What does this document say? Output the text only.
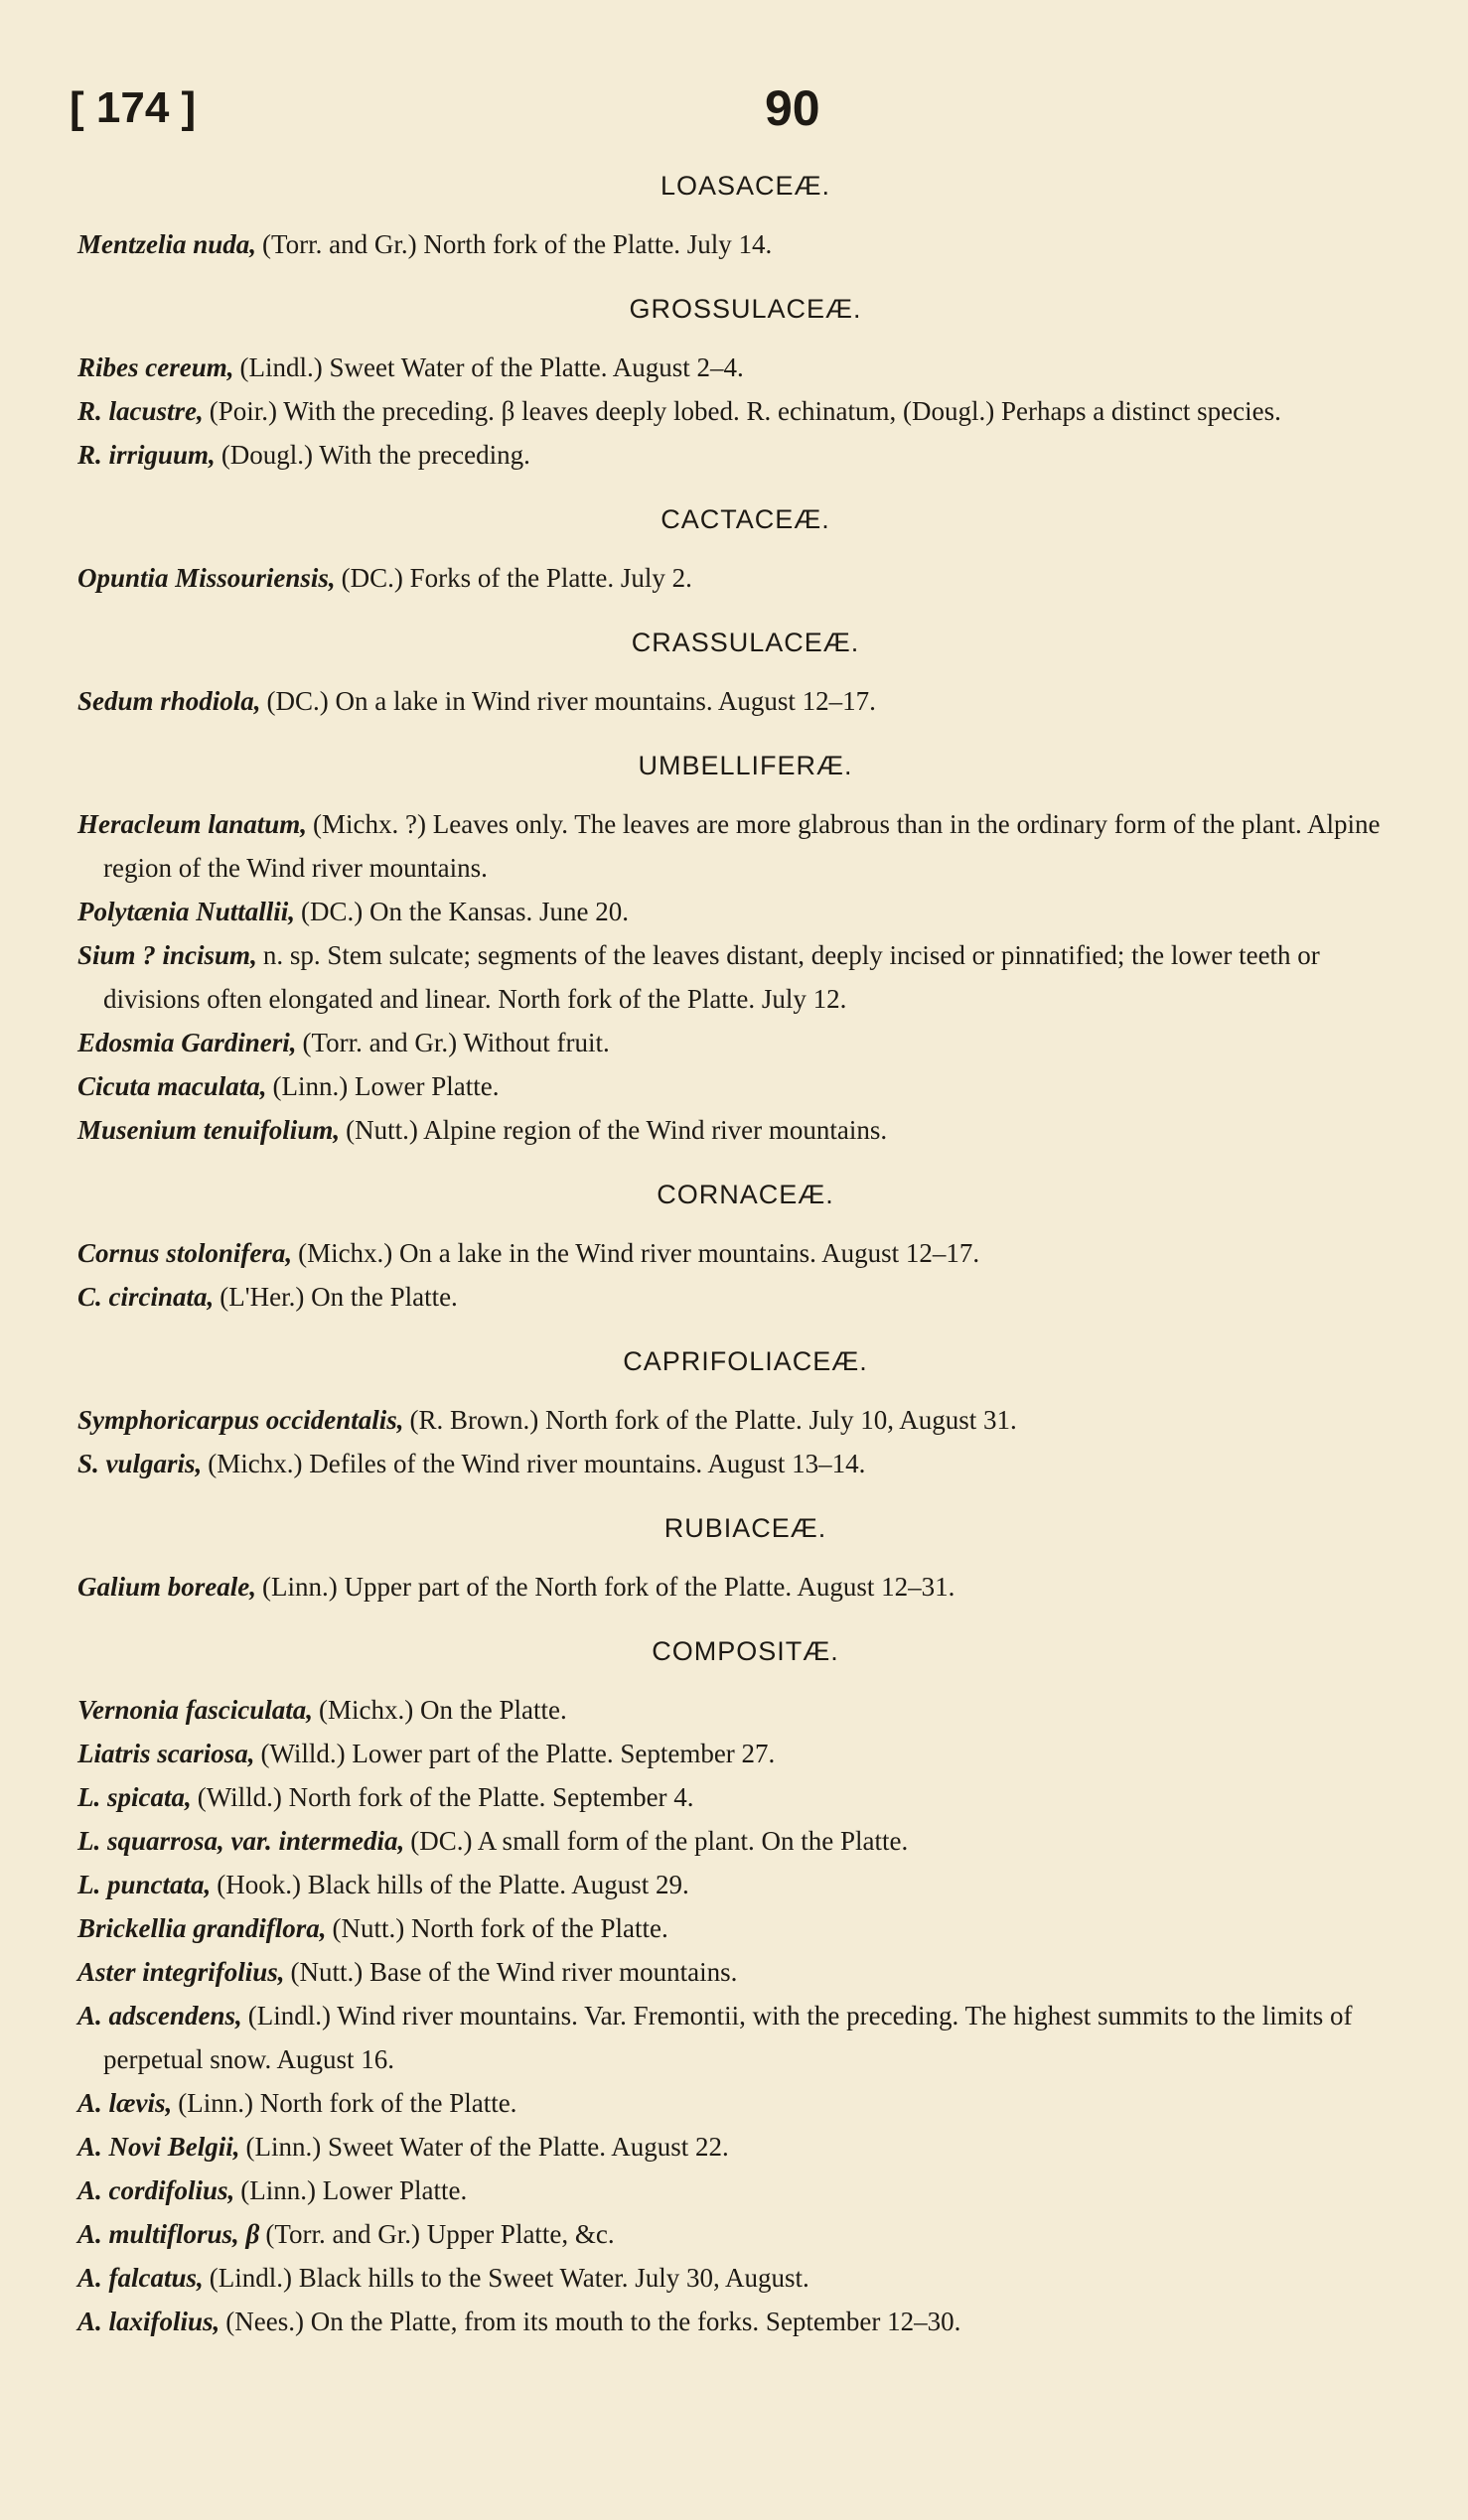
[ 174 ]	90
LOASACEÆ.
Mentzelia nuda, (Torr. and Gr.) North fork of the Platte. July 14.
GROSSULACEÆ.
Ribes cereum, (Lindl.) Sweet Water of the Platte. August 2–4.
R. lacustre, (Poir.) With the preceding. β leaves deeply lobed. R. echinatum, (Dougl.) Perhaps a distinct species.
R. irriguum, (Dougl.) With the preceding.
CACTACEÆ.
Opuntia Missouriensis, (DC.) Forks of the Platte. July 2.
CRASSULACEÆ.
Sedum rhodiola, (DC.) On a lake in Wind river mountains. August 12–17.
UMBELLIFERÆ.
Heracleum lanatum, (Michx. ?) Leaves only. The leaves are more glabrous than in the ordinary form of the plant. Alpine region of the Wind river mountains.
Polytænia Nuttallii, (DC.) On the Kansas. June 20.
Sium ? incisum, n. sp. Stem sulcate; segments of the leaves distant, deeply incised or pinnatified; the lower teeth or divisions often elongated and linear. North fork of the Platte. July 12.
Edosmia Gardineri, (Torr. and Gr.) Without fruit.
Cicuta maculata, (Linn.) Lower Platte.
Musenium tenuifolium, (Nutt.) Alpine region of the Wind river mountains.
CORNACEÆ.
Cornus stolonifera, (Michx.) On a lake in the Wind river mountains. August 12–17.
C. circinata, (L'Her.) On the Platte.
CAPRIFOLIACEÆ.
Symphoricarpus occidentalis, (R. Brown.) North fork of the Platte. July 10, August 31.
S. vulgaris, (Michx.) Defiles of the Wind river mountains. August 13–14.
RUBIACEÆ.
Galium boreale, (Linn.) Upper part of the North fork of the Platte. August 12–31.
COMPOSITÆ.
Vernonia fasciculata, (Michx.) On the Platte.
Liatris scariosa, (Willd.) Lower part of the Platte. September 27.
L. spicata, (Willd.) North fork of the Platte. September 4.
L. squarrosa, var. intermedia, (DC.) A small form of the plant. On the Platte.
L. punctata, (Hook.) Black hills of the Platte. August 29.
Brickellia grandiflora, (Nutt.) North fork of the Platte.
Aster integrifolius, (Nutt.) Base of the Wind river mountains.
A. adscendens, (Lindl.) Wind river mountains. Var. Fremontii, with the preceding. The highest summits to the limits of perpetual snow. August 16.
A. lævis, (Linn.) North fork of the Platte.
A. Novi Belgii, (Linn.) Sweet Water of the Platte. August 22.
A. cordifolius, (Linn.) Lower Platte.
A. multiflorus, β (Torr. and Gr.) Upper Platte, &c.
A. falcatus, (Lindl.) Black hills to the Sweet Water. July 30, August.
A. laxifolius, (Nees.) On the Platte, from its mouth to the forks. September 12–30.
